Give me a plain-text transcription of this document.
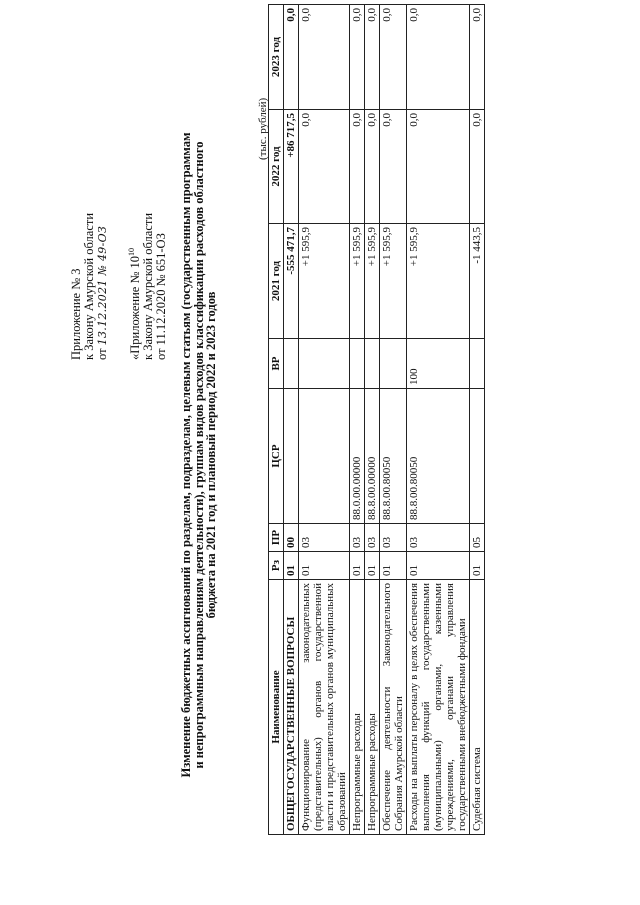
Приложение № 3 к Закону Амурской области от 13.12.2021 № 49-ОЗ «Приложение № $10^{10}$ к Закону Амурской области от 11.12.2020 № 651-ОЗ Изменение бюджетных ассигнований по разделам, подразделам, целевым статьям (государственным программам
и непрограммным направлениям деятельности), группам видов расходов классификации расходов областного
бюджета на 2021 год и плановый период 2022 и 2023 годов
(тыс. рублей)
Наименование	Рз	ПР	ЦСР	ВР	2021 год	2022 год	2023 год
ОБЩЕГОСУДАРСТВЕННЫЕ ВОПРОСЫ	01	00			-555 471,7	+86 717,5	0,0
Функционирование законодательных (представительных) органов государственной власти и представительных органов муниципальных образований	01	03			+1 595,9	0,0	0,0
Непрограммные расходы	01	03	88.0.00.00000		+1 595,9	0,0	0,0
Непрограммные расходы	01	03	88.8.00.00000		+1 595,9	0,0	0,0
Обеспечение деятельности Законодательного Собрания Амурской области	01	03	88.8.00.80050		+1 595,9	0,0	0,0
Расходы на выплаты персоналу в целях обеспечения выполнения функций государственными (муниципальными) органами, казенными учреждениями, органами управления государственными внебюджетными фондами	01	03	88.8.00.80050	100	+1 595,9	0,0	0,0
Судебная система	01	05			-1 443,5	0,0	0,0
